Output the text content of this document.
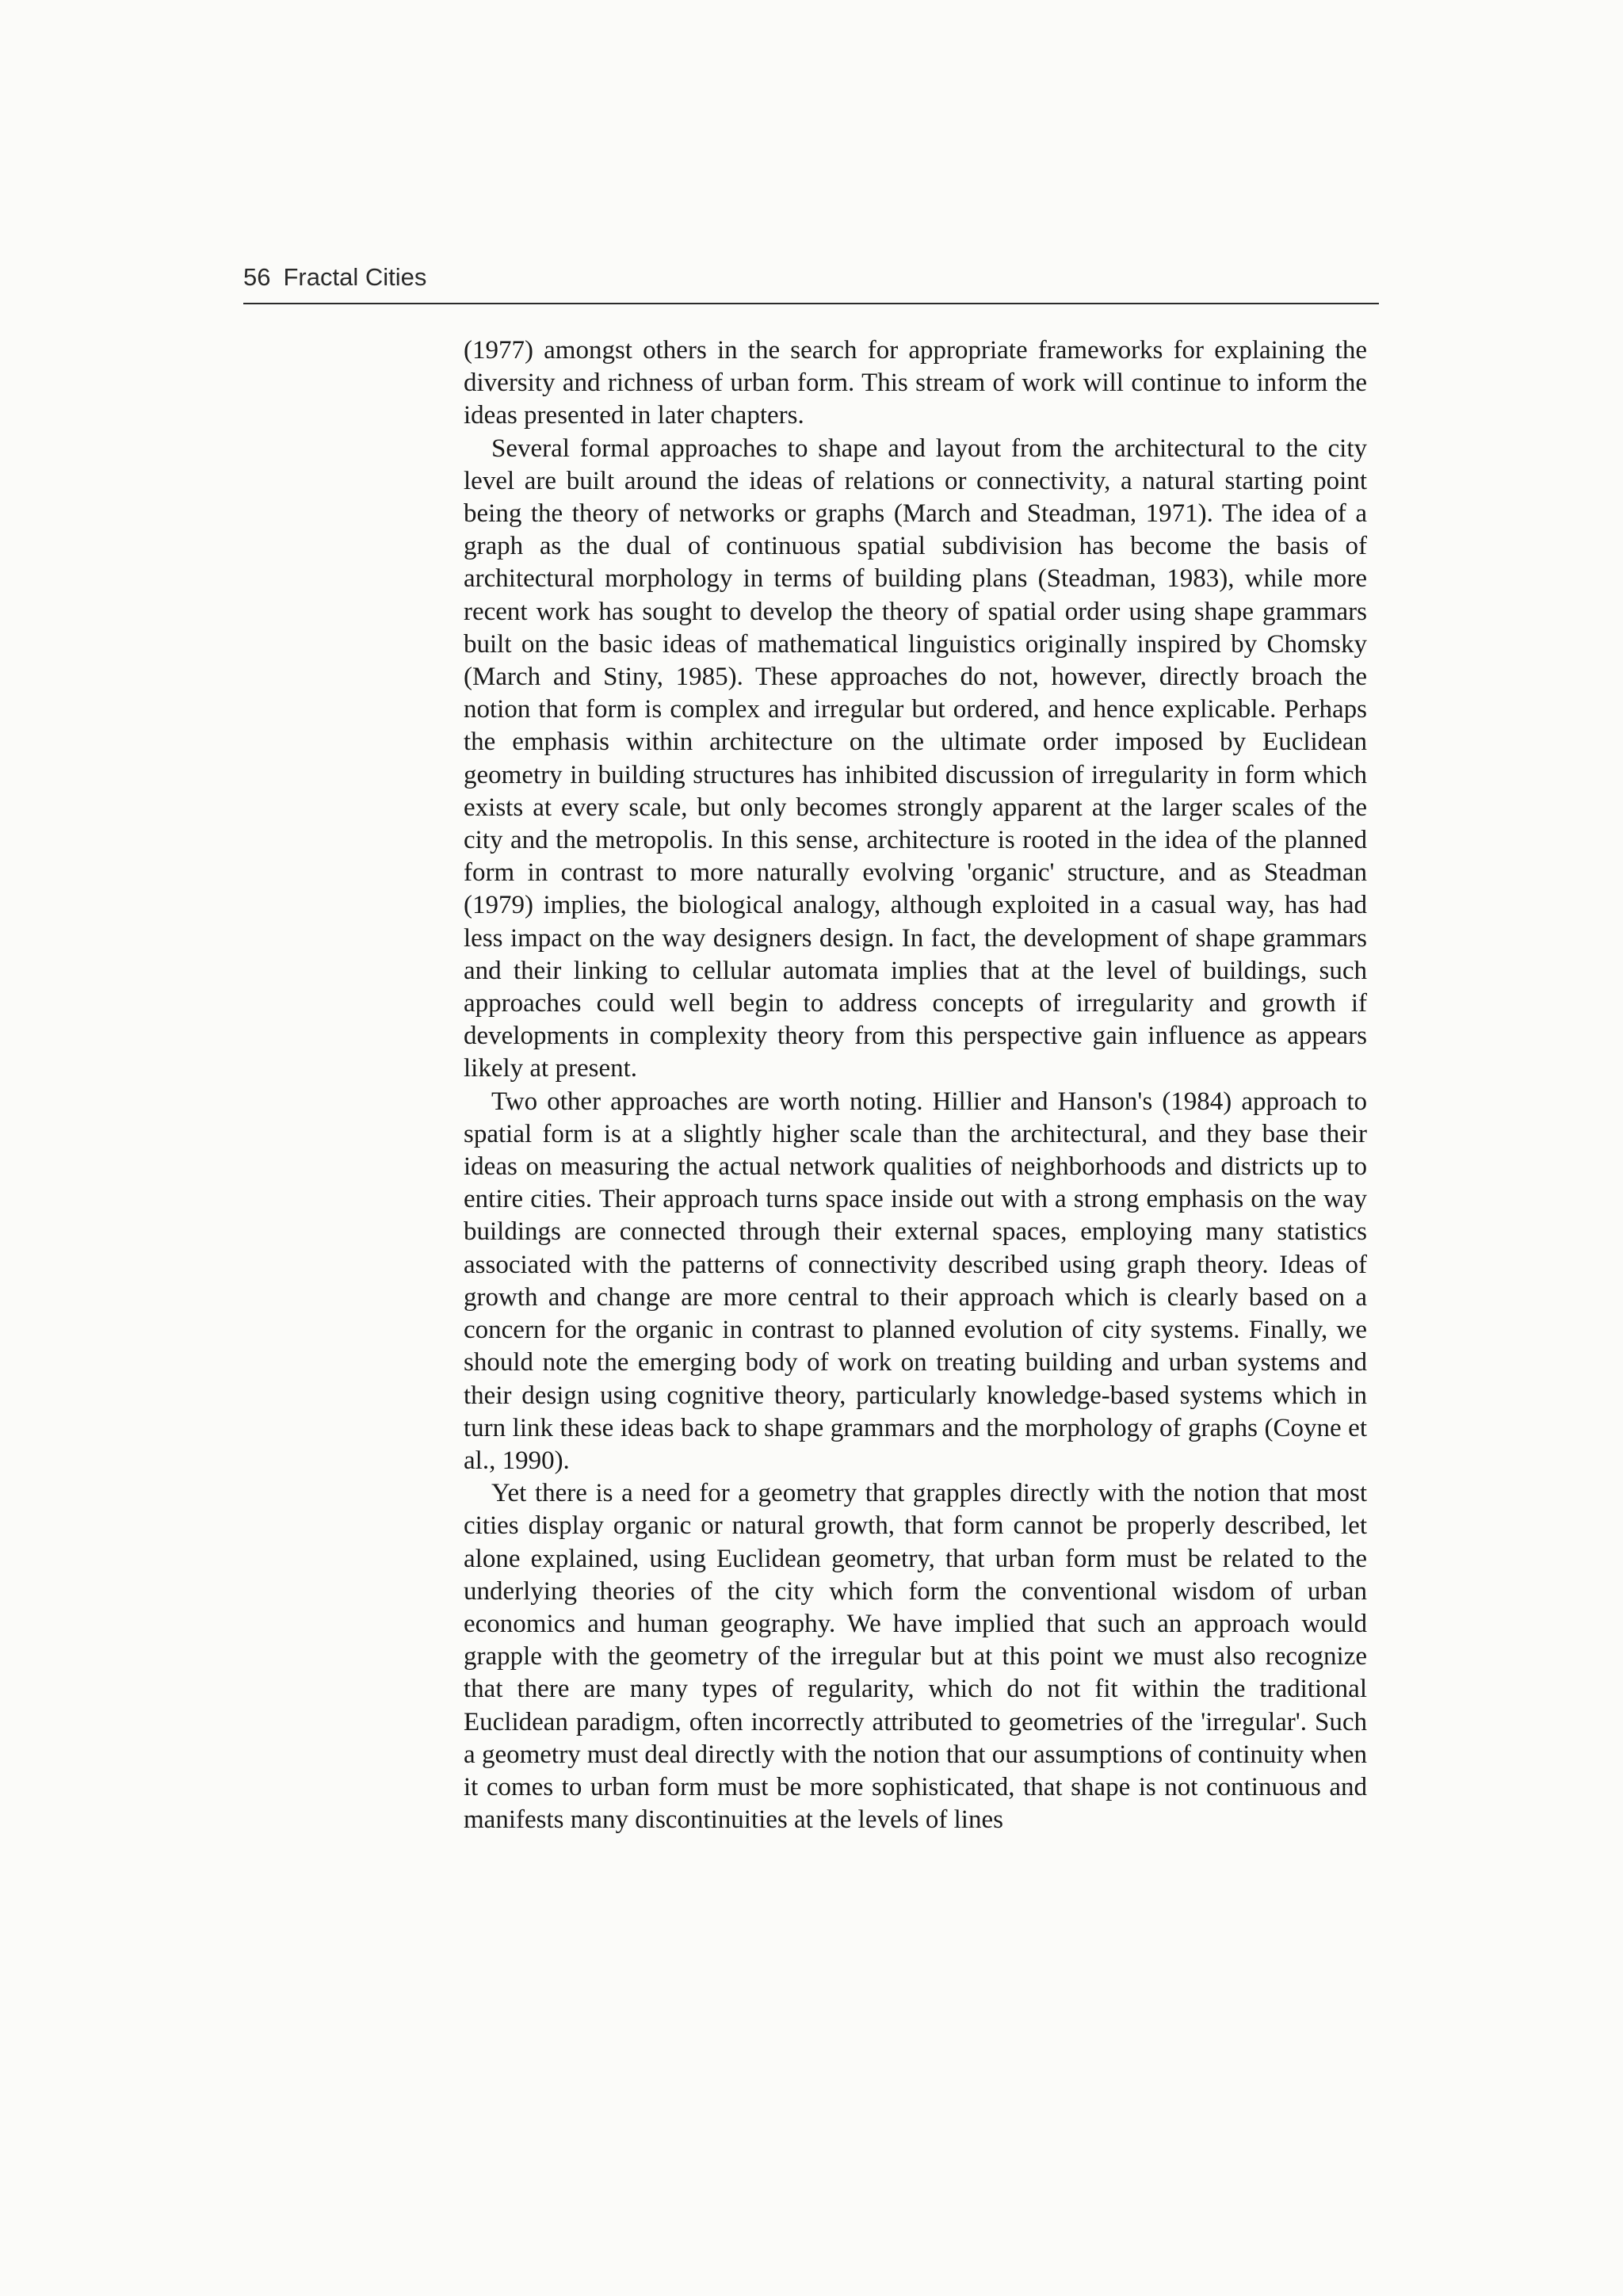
56 Fractal Cities

(1977) amongst others in the search for appropriate frameworks for explaining the diversity and richness of urban form. This stream of work will continue to inform the ideas presented in later chapters.

Several formal approaches to shape and layout from the architectural to the city level are built around the ideas of relations or connectivity, a natural starting point being the theory of networks or graphs (March and Steadman, 1971). The idea of a graph as the dual of continuous spatial subdivision has become the basis of architectural morphology in terms of building plans (Steadman, 1983), while more recent work has sought to develop the theory of spatial order using shape grammars built on the basic ideas of mathematical linguistics originally inspired by Chomsky (March and Stiny, 1985). These approaches do not, however, directly broach the notion that form is complex and irregular but ordered, and hence explicable. Perhaps the emphasis within architecture on the ultimate order imposed by Euclidean geometry in building structures has inhibited discussion of irregularity in form which exists at every scale, but only becomes strongly apparent at the larger scales of the city and the metropolis. In this sense, architecture is rooted in the idea of the planned form in contrast to more naturally evolving 'organic' structure, and as Steadman (1979) implies, the biological analogy, although exploited in a casual way, has had less impact on the way designers design. In fact, the development of shape grammars and their linking to cellular automata implies that at the level of buildings, such approaches could well begin to address concepts of irregularity and growth if developments in complexity theory from this perspective gain influence as appears likely at present.

Two other approaches are worth noting. Hillier and Hanson's (1984) approach to spatial form is at a slightly higher scale than the architectural, and they base their ideas on measuring the actual network qualities of neighborhoods and districts up to entire cities. Their approach turns space inside out with a strong emphasis on the way buildings are connected through their external spaces, employing many statistics associated with the patterns of connectivity described using graph theory. Ideas of growth and change are more central to their approach which is clearly based on a concern for the organic in contrast to planned evolution of city systems. Finally, we should note the emerging body of work on treating building and urban systems and their design using cognitive theory, particularly knowledge-based systems which in turn link these ideas back to shape grammars and the morphology of graphs (Coyne et al., 1990).

Yet there is a need for a geometry that grapples directly with the notion that most cities display organic or natural growth, that form cannot be properly described, let alone explained, using Euclidean geometry, that urban form must be related to the underlying theories of the city which form the conventional wisdom of urban economics and human geography. We have implied that such an approach would grapple with the geometry of the irregular but at this point we must also recognize that there are many types of regularity, which do not fit within the traditional Euclidean paradigm, often incorrectly attributed to geometries of the 'irregular'. Such a geometry must deal directly with the notion that our assumptions of continuity when it comes to urban form must be more sophisticated, that shape is not continuous and manifests many discontinuities at the levels of lines
